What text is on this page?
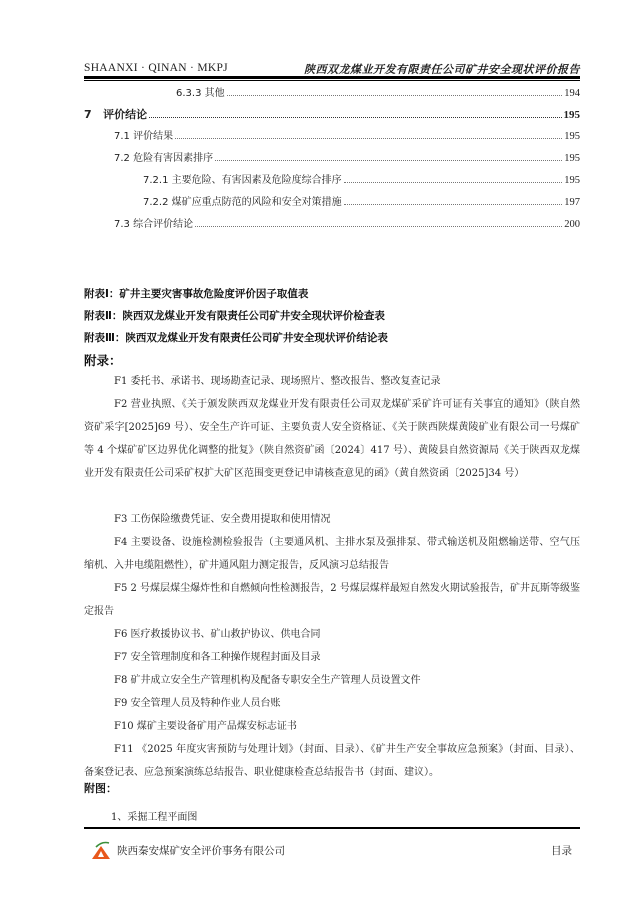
SHAANXI · QINAN · MKPJ	陕西双龙煤业开发有限责任公司矿井安全现状评价报告
6.3.3 其他	194
7   评价结论	195
7.1 评价结果	195
7.2 危险有害因素排序	195
7.2.1 主要危险、有害因素及危险度综合排序	195
7.2.2 煤矿应重点防范的风险和安全对策措施	197
7.3 综合评价结论	200
附表Ⅰ：矿井主要灾害事故危险度评价因子取值表
附表Ⅱ：陕西双龙煤业开发有限责任公司矿井安全现状评价检查表
附表Ⅲ：陕西双龙煤业开发有限责任公司矿井安全现状评价结论表
附录：
F1 委托书、承诺书、现场勘查记录、现场照片、整改报告、整改复查记录
F2 营业执照、《关于颁发陕西双龙煤业开发有限责任公司双龙煤矿采矿许可证有关事宜的通知》（陕自然资矿采字[2025]69 号）、安全生产许可证、主要负责人安全资格证、《关于陕西陕煤黄陵矿业有限公司一号煤矿等 4 个煤矿矿区边界优化调整的批复》（陕自然资矿函〔2024〕417 号）、黄陵县自然资源局《关于陕西双龙煤业开发有限责任公司采矿权扩大矿区范围变更登记申请核查意见的函》（黄自然资函〔2025]34 号）
F3 工伤保险缴费凭证、安全费用提取和使用情况
F4 主要设备、设施检测检验报告（主要通风机、主排水泵及强排泵、带式输送机及阻燃输送带、空气压缩机、入井电缆阻燃性），矿井通风阻力测定报告，反风演习总结报告
F5 2 号煤层煤尘爆炸性和自燃倾向性检测报告，2 号煤层煤样最短自然发火期试验报告，矿井瓦斯等级鉴定报告
F6 医疗救援协议书、矿山救护协议、供电合同
F7 安全管理制度和各工种操作规程封面及目录
F8 矿井成立安全生产管理机构及配备专职安全生产管理人员设置文件
F9 安全管理人员及特种作业人员台账
F10 煤矿主要设备矿用产品煤安标志证书
F11 《2025 年度灾害预防与处理计划》（封面、目录）、《矿井生产安全事故应急预案》（封面、目录）、备案登记表、应急预案演练总结报告、职业健康检查总结报告书（封面、建议）。
附图：
1、采掘工程平面图
陕西秦安煤矿安全评价事务有限公司	目录
